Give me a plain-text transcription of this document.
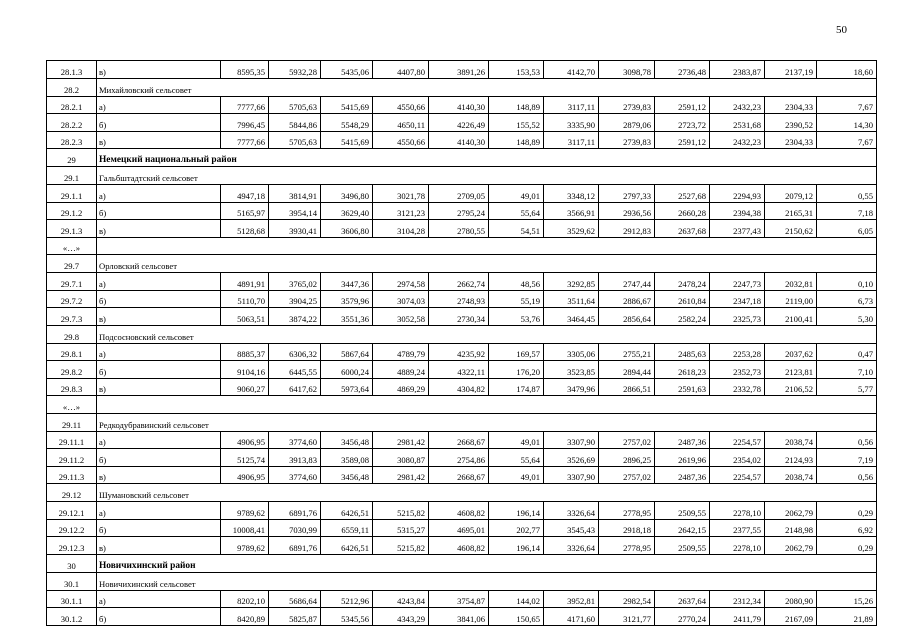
50
28.1.3	в)	8595,35	5932,28	5435,06	4407,80	3891,26	153,53	4142,70	3098,78	2736,48	2383,87	2137,19	18,60
28.2	Михайловский сельсовет												
28.2.1	а)	7777,66	5705,63	5415,69	4550,66	4140,30	148,89	3117,11	2739,83	2591,12	2432,23	2304,33	7,67
28.2.2	б)	7996,45	5844,86	5548,29	4650,11	4226,49	155,52	3335,90	2879,06	2723,72	2531,68	2390,52	14,30
28.2.3	в)	7777,66	5705,63	5415,69	4550,66	4140,30	148,89	3117,11	2739,83	2591,12	2432,23	2304,33	7,67
29	Немецкий национальный район												
29.1	Гальбштадтский сельсовет												
29.1.1	а)	4947,18	3814,91	3496,80	3021,78	2709,05	49,01	3348,12	2797,33	2527,68	2294,93	2079,12	0,55
29.1.2	б)	5165,97	3954,14	3629,40	3121,23	2795,24	55,64	3566,91	2936,56	2660,28	2394,38	2165,31	7,18
29.1.3	в)	5128,68	3930,41	3606,80	3104,28	2780,55	54,51	3529,62	2912,83	2637,68	2377,43	2150,62	6,05
«…»													
29.7	Орловский сельсовет												
29.7.1	а)	4891,91	3765,02	3447,36	2974,58	2662,74	48,56	3292,85	2747,44	2478,24	2247,73	2032,81	0,10
29.7.2	б)	5110,70	3904,25	3579,96	3074,03	2748,93	55,19	3511,64	2886,67	2610,84	2347,18	2119,00	6,73
29.7.3	в)	5063,51	3874,22	3551,36	3052,58	2730,34	53,76	3464,45	2856,64	2582,24	2325,73	2100,41	5,30
29.8	Подсосновский сельсовет												
29.8.1	а)	8885,37	6306,32	5867,64	4789,79	4235,92	169,57	3305,06	2755,21	2485,63	2253,28	2037,62	0,47
29.8.2	б)	9104,16	6445,55	6000,24	4889,24	4322,11	176,20	3523,85	2894,44	2618,23	2352,73	2123,81	7,10
29.8.3	в)	9060,27	6417,62	5973,64	4869,29	4304,82	174,87	3479,96	2866,51	2591,63	2332,78	2106,52	5,77
«…»													
29.11	Редкодубравинский сельсовет												
29.11.1	а)	4906,95	3774,60	3456,48	2981,42	2668,67	49,01	3307,90	2757,02	2487,36	2254,57	2038,74	0,56
29.11.2	б)	5125,74	3913,83	3589,08	3080,87	2754,86	55,64	3526,69	2896,25	2619,96	2354,02	2124,93	7,19
29.11.3	в)	4906,95	3774,60	3456,48	2981,42	2668,67	49,01	3307,90	2757,02	2487,36	2254,57	2038,74	0,56
29.12	Шумановский сельсовет												
29.12.1	а)	9789,62	6891,76	6426,51	5215,82	4608,82	196,14	3326,64	2778,95	2509,55	2278,10	2062,79	0,29
29.12.2	б)	10008,41	7030,99	6559,11	5315,27	4695,01	202,77	3545,43	2918,18	2642,15	2377,55	2148,98	6,92
29.12.3	в)	9789,62	6891,76	6426,51	5215,82	4608,82	196,14	3326,64	2778,95	2509,55	2278,10	2062,79	0,29
30	Новичихинский район												
30.1	Новичихинский сельсовет												
30.1.1	а)	8202,10	5686,64	5212,96	4243,84	3754,87	144,02	3952,81	2982,54	2637,64	2312,34	2080,90	15,26
30.1.2	б)	8420,89	5825,87	5345,56	4343,29	3841,06	150,65	4171,60	3121,77	2770,24	2411,79	2167,09	21,89
